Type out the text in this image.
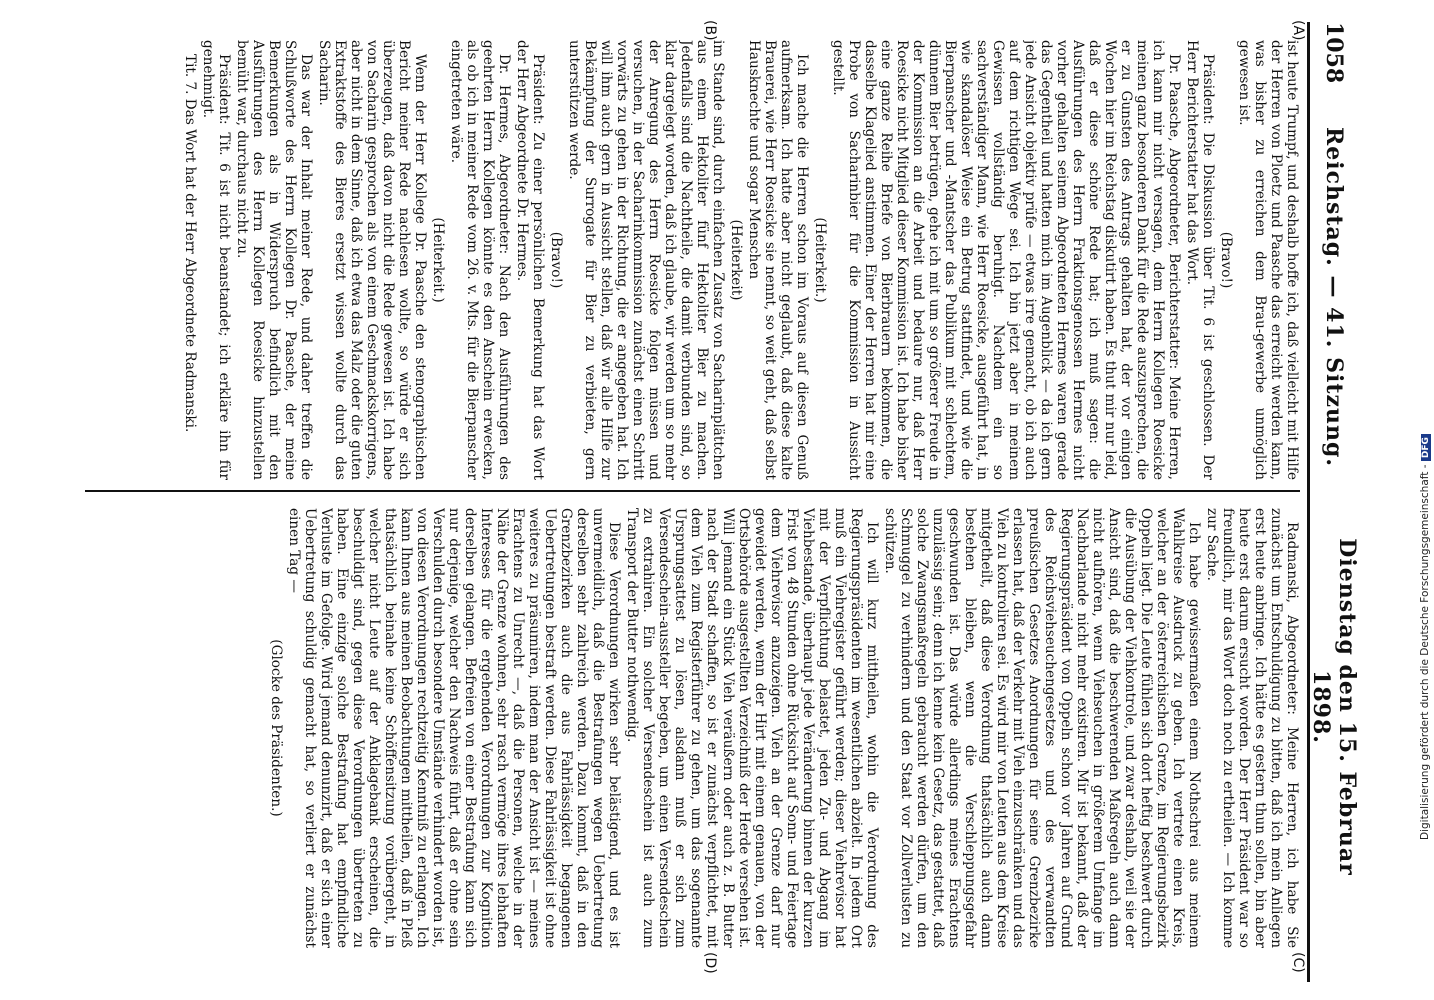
1058
Reichstag. — 41. Sitzung.
Dienstag den 15. Februar 1898.
(A)
(B)
(C)
(D)

ist heute Trumpf, und deshalb hoffe ich, daß vielleicht mit Hilfe der Herren von Ploetz und Paasche das erreicht werden kann, was bisher zu erreichen dem Brau-gewerbe unmöglich gewesen ist.

(Bravo!)

Präsident: Die Diskussion über Tit. 6 ist geschlossen. Der Herr Berichterstatter hat das Wort.

Dr. Paasche, Abgeordneter, Berichterstatter: Meine Herren, ich kann mir nicht versagen, dem Herrn Kollegen Roesicke meinen ganz besonderen Dank für die Rede auszusprechen, die er zu Gunsten des Antrags gehalten hat, der vor einigen Wochen hier im Reichstag diskutirt haben. Es thut mir nur leid, daß er diese schöne Rede hat; ich muß sagen: die Ausführungen des Herrn Fraktionsgenossen Hermes nicht vorher gehalten seinem Abgeordneten Hermes waren gerade das Gegentheil und hatten mich im Augenblick — da ich gern jede Ansicht objektiv prüfe — etwas irre gemacht, ob ich auch auf dem richtigen Wege sei. Ich bin jetzt aber in meinem Gewissen vollständig beruhigt. Nachdem ein so sachverständiger Mann, wie Herr Roesicke, ausgeführt hat, in wie skandalöser Weise ein Betrug stattfindet, und wie die Bierpanscher und -Mantscher das Publikum mit schlechtem, dünnem Bier betrügen, gehe ich mit um so größerer Freude in der Kommission an die Arbeit und bedaure nur, daß Herr Roesicke nicht Mitglied dieser Kommission ist. Ich habe bisher eine ganze Reihe Briefe von Bierbrauern bekommen, die dasselbe Klagelied anstimmen. Einer der Herren hat mir eine Probe von Sacharinbier für die Kommission in Aussicht gestellt.

(Heiterkeit.)

Ich mache die Herren schon im Voraus auf diesen Genuß aufmerksam. Ich hatte aber nicht geglaubt, daß diese kalte Brauerei, wie Herr Roesicke sie nennt, so weit geht, daß selbst Hausknechte und sogar Menschen

(Heiterkeit)

im Stande sind, durch einfachen Zusatz von Sacharinplättchen aus einem Hektoliter fünf Hektoliter Bier zu machen. Jedenfalls sind die Nachtheile, die damit verbunden sind, so klar dargelegt worden, daß ich glaube, wir werden um so mehr der Anregung des Herrn Roesicke folgen müssen und versuchen, in der Sacharinkommission zunächst einen Schritt vorwärts zu gehen in der Richtung, die er angegeben hat. Ich will ihm auch gern in Aussicht stellen, daß wir alle Hilfe zur Bekämpfung der Surrogate für Bier zu verbieten, gern unterstützen werde.

(Bravo!)

Präsident: Zu einer persönlichen Bemerkung hat das Wort der Herr Abgeordnete Dr. Hermes.

Dr. Hermes, Abgeordneter: Nach den Ausführungen des geehrten Herrn Kollegen könnte es den Anschein erwecken, als ob ich in meiner Rede vom 26. v. Mts. für die Bierpanscher eingetreten wäre.

(Heiterkeit.)

Wenn der Herr Kollege Dr. Paasche den stenographischen Bericht meiner Rede nachlesen wollte, so würde er sich überzeugen, daß davon nicht die Rede gewesen ist. Ich habe von Sacharin gesprochen als von einem Geschmackskorrigens, aber nicht in dem Sinne, daß ich etwa das Malz oder die guten Extraktstoffe des Bieres ersetzt wissen wollte durch das Sacharin.

Das war der Inhalt meiner Rede, und daher treffen die Schlußworte des Herrn Kollegen Dr. Paasche, der meine Bemerkungen als in Widerspruch befindlich mit den Ausführungen des Herrn Kollegen Roesicke hinzustellen bemüht war, durchaus nicht zu.

Präsident: Tit. 6 ist nicht beanstandet; ich erkläre ihn für genehmigt.

Tit. 7. Das Wort hat der Herr Abgeordnete Radmanski.

Radmanski, Abgeordneter: Meine Herren, ich habe Sie zunächst um Entschuldigung zu bitten, daß ich mein Anliegen erst heute anbringe. Ich hätte es gestern thun sollen, bin aber heute erst darum ersucht worden. Der Herr Präsident war so freundlich, mir das Wort doch noch zu ertheilen. — Ich komme zur Sache.

Ich habe gewissermaßen einem Nothschrei aus meinem Wahlkreise Ausdruck zu geben. Ich vertrete einen Kreis, welcher an der österreichischen Grenze, im Regierungsbezirk Oppeln liegt. Die Leute fühlen sich dort heftig beschwert durch die Ausübung der Viehkontrole, und zwar deshalb, weil sie der Ansicht sind, daß die beschwerenden Maßregeln auch dann nicht aufhören, wenn Viehseuchen in größerem Umfange im Nachbarlande nicht mehr existiren. Mir ist bekannt, daß der Regierungspräsident von Oppeln schon vor Jahren auf Grund des Reichsviehseuchengesetzes und des verwandten preußischen Gesetzes Anordnungen für seine Grenzbezirke erlassen hat, daß der Verkehr mit Vieh einzuschränken und das Vieh zu kontroliren sei. Es wird mir von Leuten aus dem Kreise mitgetheilt, daß diese Verordnung thatsächlich auch dann bestehen bleiben, wenn die Verschleppungsgefahr geschwunden ist. Das würde allerdings meines Erachtens unzulässig sein; denn ich kenne kein Gesetz, das gestattet, daß solche Zwangsmaßregeln gebraucht werden dürfen, um den Schmuggel zu verhindern und den Staat vor Zollverlusten zu schützen.

Ich will kurz mittheilen, wohin die Verordnung des Regierungspräsidenten im wesentlichen abzielt. In jedem Ort muß ein Viehregister geführt werden; dieser Viehrevisor hat mit der Verpflichtung belastet, jeden Zu- und Abgang im Viehbestande, überhaupt jede Veränderung binnen der kurzen Frist von 48 Stunden ohne Rücksicht auf Sonn- und Feiertage dem Viehrevisor anzuzeigen. Vieh an der Grenze darf nur geweidet werden, wenn der Hirt mit einem genauen, von der Ortsbehörde ausgestellten Verzeichniß der Herde versehen ist. Will jemand ein Stück Vieh veräußern oder auch z. B. Butter nach der Stadt schaffen, so ist er zunächst verpflichtet, mit dem Vieh zum Registerführer zu gehen, um das sogenannte Ursprungsattest zu lösen, alsdann muß er sich zum Versendeschein-aussteller begeben, um einen Versendeschein zu extrahiren. Ein solcher Versendeschein ist auch zum Transport der Butter nothwendig.

Diese Verordnungen wirken sehr belästigend, und es ist unvermeidlich, daß die Bestrafungen wegen Uebertretung derselben sehr zahlreich werden. Dazu kommt, daß in den Grenzbezirken auch die aus Fahrlässigkeit begangenen Uebertretungen bestraft werden. Diese Fahrlässigkeit ist ohne weiteres zu präsumiren, indem man der Ansicht ist — meines Erachtens zu Unrecht —, daß die Personen, welche in der Nähe der Grenze wohnen, sehr rasch vermöge ihres lebhaften Interesses für die ergehenden Verordnungen zur Kognition derselben gelangen. Befreien von einer Bestrafung kann sich nur derjenige, welcher den Nachweis führt, daß er ohne sein Verschulden durch besondere Umstände verhindert worden ist, von diesen Verordnungen rechtzeitig Kenntniß zu erlangen. Ich kann Ihnen aus meinen Beobachtungen mittheilen, daß in Pleß thatsächlich beinahe keine Schöffensitzung vorübergeht, in welcher nicht Leute auf der Anklagebank erscheinen, die beschuldigt sind, gegen diese Verordnungen übertreten zu haben. Eine einzige solche Bestrafung hat empfindliche Verluste im Gefolge. Wird jemand denunzirt, daß er sich einer Uebertretung schuldig gemacht hat, so verliert er zunächst einen Tag —

(Glocke des Präsidenten.)	Digitalisierung gefördert durch die Deutsche Forschungsgemeinschaft - DFG
